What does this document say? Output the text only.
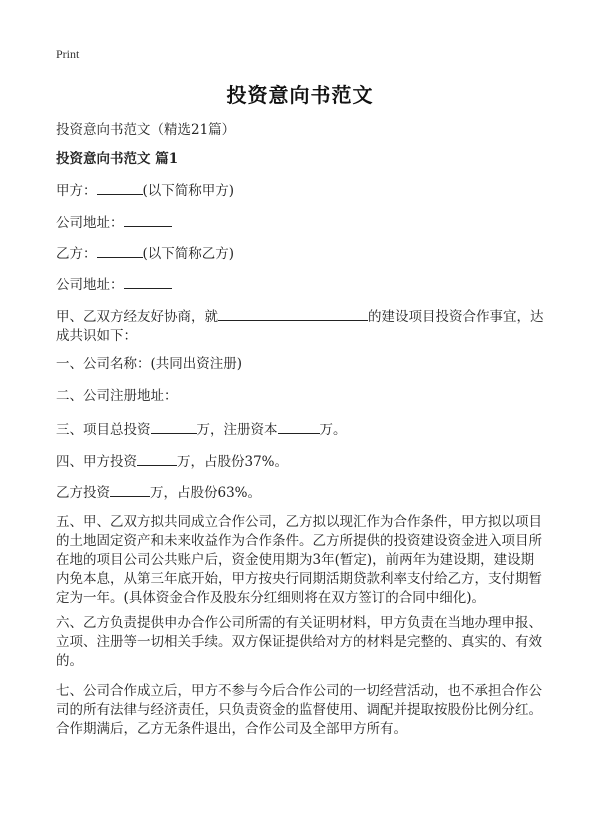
Print
投资意向书范文
投资意向书范文（精选21篇）
投资意向书范文 篇1
甲方：	(以下简称甲方)
公司地址：
乙方：	(以下简称乙方)
公司地址：
甲、乙双方经友好协商，就	的建设项目投资合作事宜，达
成共识如下：
一、公司名称：(共同出资注册)
二、公司注册地址：
三、项目总投资	万，注册资本	万。
四、甲方投资	万，占股份37%。
乙方投资	万，占股份63%。
五、甲、乙双方拟共同成立合作公司，乙方拟以现汇作为合作条件，甲方拟以项目
的土地固定资产和未来收益作为合作条件。乙方所提供的投资建设资金进入项目所
在地的项目公司公共账户后，资金使用期为3年(暂定)，前两年为建设期，建设期
内免本息，从第三年底开始，甲方按央行同期活期贷款利率支付给乙方，支付期暂
定为一年。(具体资金合作及股东分红细则将在双方签订的合同中细化)。
六、乙方负责提供申办合作公司所需的有关证明材料，甲方负责在当地办理申报、
立项、注册等一切相关手续。双方保证提供给对方的材料是完整的、真实的、有效
的。
七、公司合作成立后，甲方不参与今后合作公司的一切经营活动，也不承担合作公
司的所有法律与经济责任，只负责资金的监督使用、调配并提取按股份比例分红。
合作期满后，乙方无条件退出，合作公司及全部甲方所有。
